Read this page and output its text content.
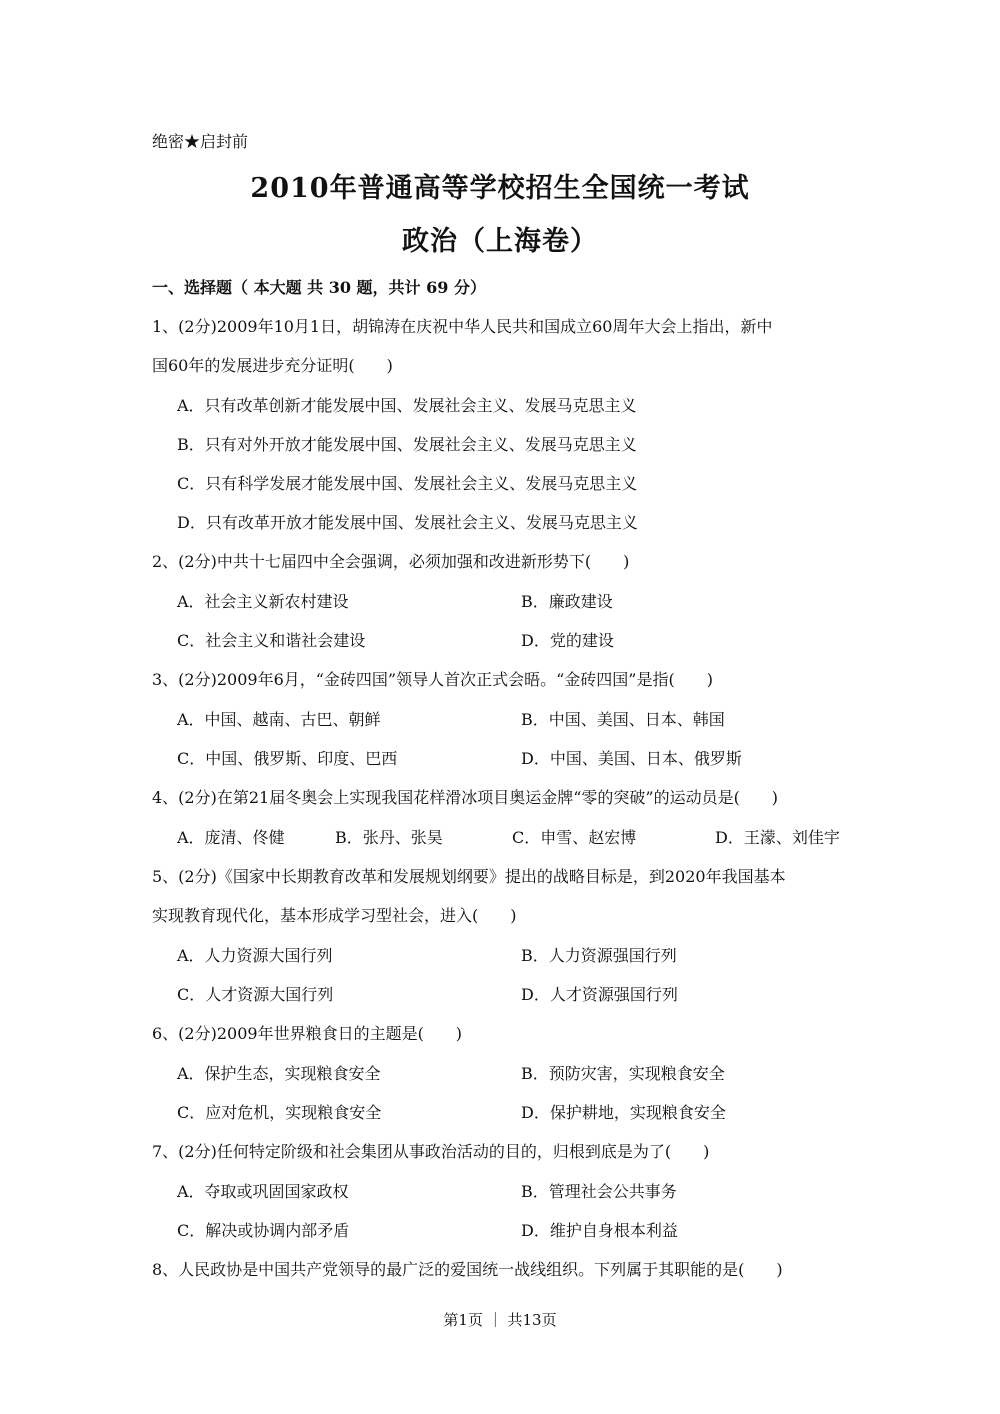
绝密★启封前
2010年普通高等学校招生全国统一考试
政治（上海卷）
一、选择题（ 本大题 共 30 题，共计 69 分）
1、(2分)2009年10月1日，胡锦涛在庆祝中华人民共和国成立60周年大会上指出，新中
国60年的发展进步充分证明(　　)
A．只有改革创新才能发展中国、发展社会主义、发展马克思主义
B．只有对外开放才能发展中国、发展社会主义、发展马克思主义
C．只有科学发展才能发展中国、发展社会主义、发展马克思主义
D．只有改革开放才能发展中国、发展社会主义、发展马克思主义
2、(2分)中共十七届四中全会强调，必须加强和改进新形势下(　　)
A．社会主义新农村建设	B．廉政建设
C．社会主义和谐社会建设	D．党的建设
3、(2分)2009年6月，“金砖四国”领导人首次正式会晤。“金砖四国”是指(　　)
A．中国、越南、古巴、朝鲜	B．中国、美国、日本、韩国
C．中国、俄罗斯、印度、巴西	D．中国、美国、日本、俄罗斯
4、(2分)在第21届冬奥会上实现我国花样滑冰项目奥运金牌“零的突破”的运动员是(　　)
A．庞清、佟健	B．张丹、张昊	C．申雪、赵宏博	D．王濛、刘佳宇
5、(2分)《国家中长期教育改革和发展规划纲要》提出的战略目标是，到2020年我国基本
实现教育现代化，基本形成学习型社会，进入(　　)
A．人力资源大国行列	B．人力资源强国行列
C．人才资源大国行列	D．人才资源强国行列
6、(2分)2009年世界粮食日的主题是(　　)
A．保护生态，实现粮食安全	B．预防灾害，实现粮食安全
C．应对危机，实现粮食安全	D．保护耕地，实现粮食安全
7、(2分)任何特定阶级和社会集团从事政治活动的目的，归根到底是为了(　　)
A．夺取或巩固国家政权	B．管理社会公共事务
C．解决或协调内部矛盾	D．维护自身根本利益
8、人民政协是中国共产党领导的最广泛的爱国统一战线组织。下列属于其职能的是(　　)
第1页 ｜ 共13页
